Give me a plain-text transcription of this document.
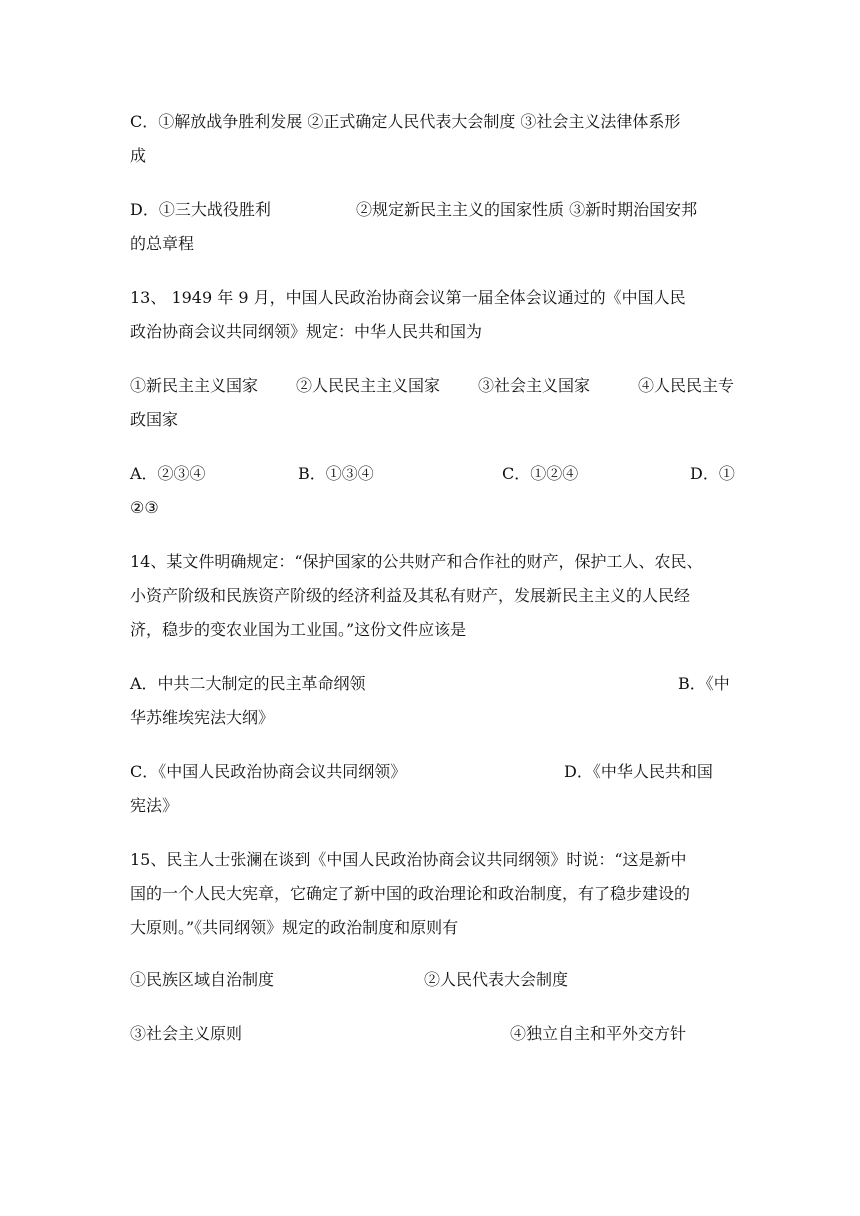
C．①解放战争胜利发展 ②正式确定人民代表大会制度 ③社会主义法律体系形

成

D．①三大战役胜利	②规定新民主主义的国家性质 ③新时期治国安邦

的总章程

13、 1949 年 9 月，中国人民政治协商会议第一届全体会议通过的《中国人民

政治协商会议共同纲领》规定：中华人民共和国为

①新民主主义国家 ②人民民主主义国家 ③社会主义国家	④人民民主专

政国家

A．②③④	B．①③④	C．①②④	D．①

②③

14、某文件明确规定：“保护国家的公共财产和合作社的财产，保护工人、农民、

小资产阶级和民族资产阶级的经济利益及其私有财产，发展新民主主义的人民经

济，稳步的变农业国为工业国。”这份文件应该是

A．中共二大制定的民主革命纲领	B．《中

华苏维埃宪法大纲》

C．《中国人民政治协商会议共同纲领》	D．《中华人民共和国

宪法》

15、民主人士张澜在谈到《中国人民政治协商会议共同纲领》时说：“这是新中

国的一个人民大宪章，它确定了新中国的政治理论和政治制度，有了稳步建设的

大原则。”《共同纲领》规定的政治制度和原则有

①民族区域自治制度	②人民代表大会制度

③社会主义原则	④独立自主和平外交方针
